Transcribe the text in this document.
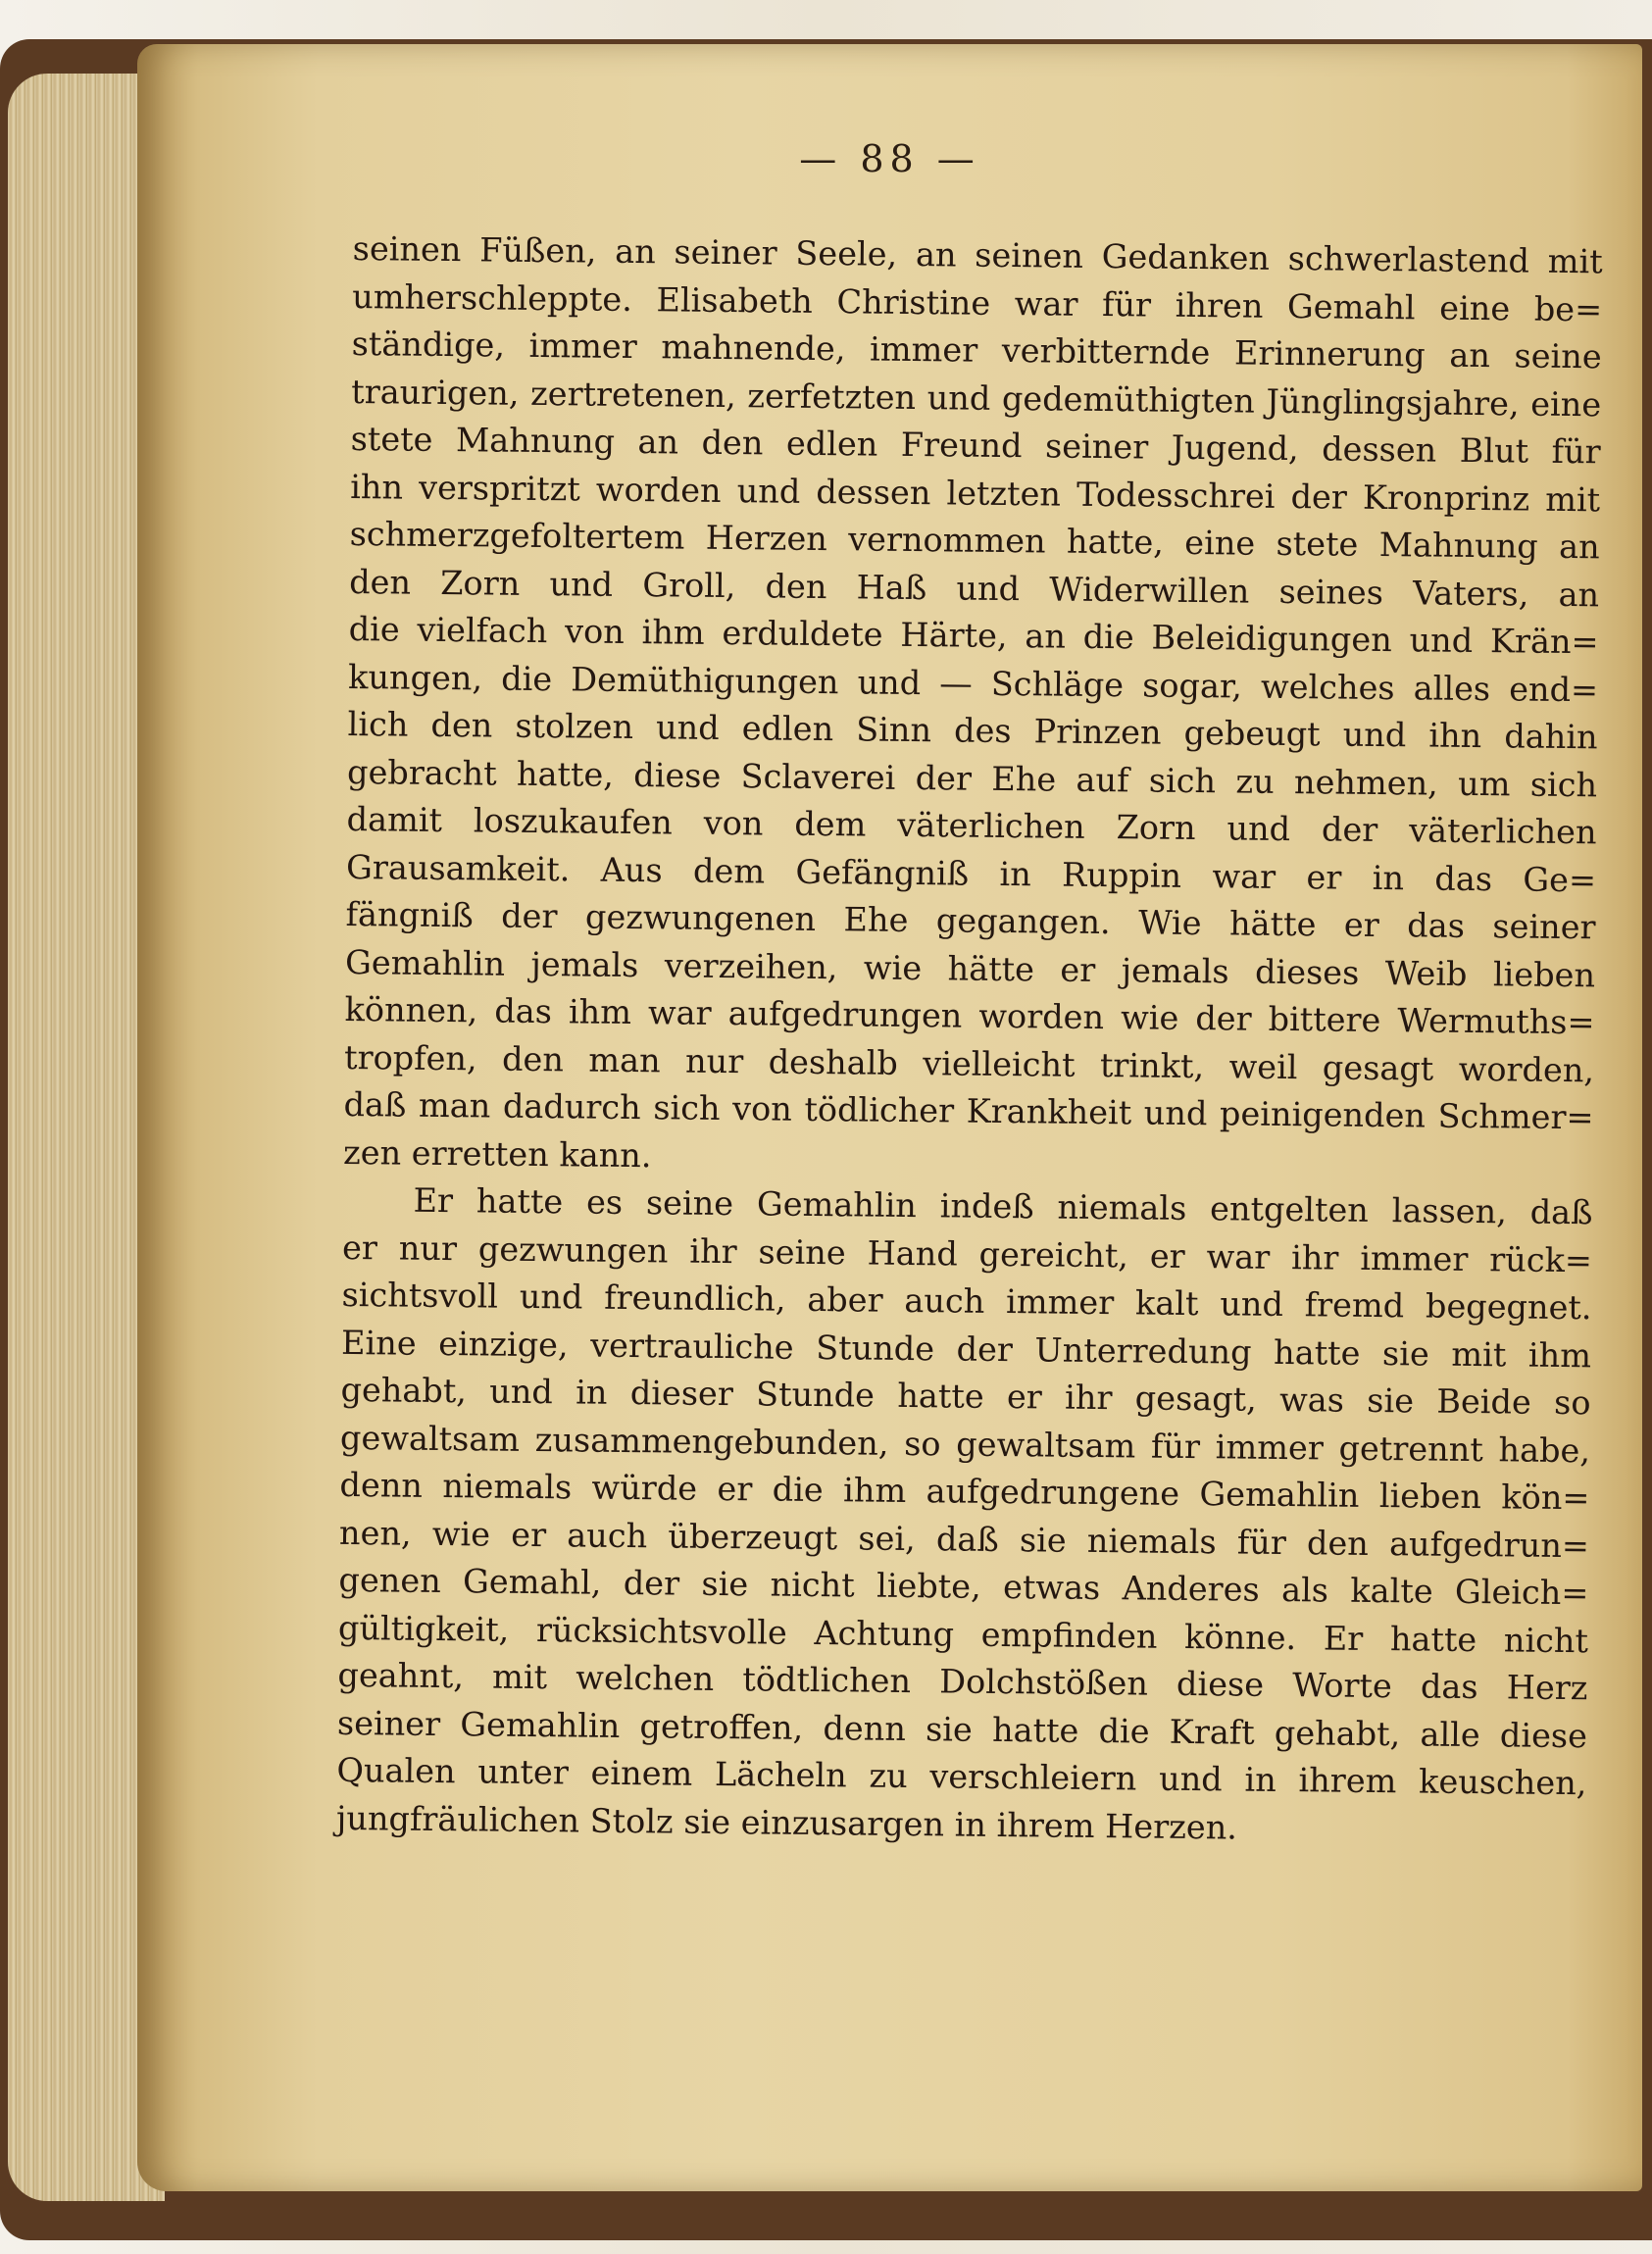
— 88 —
seinen Füßen, an seiner Seele, an seinen Gedanken schwerlastend mit
umherschleppte. Elisabeth Christine war für ihren Gemahl eine be=
ständige, immer mahnende, immer verbitternde Erinnerung an seine
traurigen, zertretenen, zerfetzten und gedemüthigten Jünglingsjahre, eine
stete Mahnung an den edlen Freund seiner Jugend, dessen Blut für
ihn verspritzt worden und dessen letzten Todesschrei der Kronprinz mit
schmerzgefoltertem Herzen vernommen hatte, eine stete Mahnung an
den Zorn und Groll, den Haß und Widerwillen seines Vaters, an
die vielfach von ihm erduldete Härte, an die Beleidigungen und Krän=
kungen, die Demüthigungen und — Schläge sogar, welches alles end=
lich den stolzen und edlen Sinn des Prinzen gebeugt und ihn dahin
gebracht hatte, diese Sclaverei der Ehe auf sich zu nehmen, um sich
damit loszukaufen von dem väterlichen Zorn und der väterlichen
Grausamkeit. Aus dem Gefängniß in Ruppin war er in das Ge=
fängniß der gezwungenen Ehe gegangen. Wie hätte er das seiner
Gemahlin jemals verzeihen, wie hätte er jemals dieses Weib lieben
können, das ihm war aufgedrungen worden wie der bittere Wermuths=
tropfen, den man nur deshalb vielleicht trinkt, weil gesagt worden,
daß man dadurch sich von tödlicher Krankheit und peinigenden Schmer=
zen erretten kann.
Er hatte es seine Gemahlin indeß niemals entgelten lassen, daß
er nur gezwungen ihr seine Hand gereicht, er war ihr immer rück=
sichtsvoll und freundlich, aber auch immer kalt und fremd begegnet.
Eine einzige, vertrauliche Stunde der Unterredung hatte sie mit ihm
gehabt, und in dieser Stunde hatte er ihr gesagt, was sie Beide so
gewaltsam zusammengebunden, so gewaltsam für immer getrennt habe,
denn niemals würde er die ihm aufgedrungene Gemahlin lieben kön=
nen, wie er auch überzeugt sei, daß sie niemals für den aufgedrun=
genen Gemahl, der sie nicht liebte, etwas Anderes als kalte Gleich=
gültigkeit, rücksichtsvolle Achtung empfinden könne. Er hatte nicht
geahnt, mit welchen tödtlichen Dolchstößen diese Worte das Herz
seiner Gemahlin getroffen, denn sie hatte die Kraft gehabt, alle diese
Qualen unter einem Lächeln zu verschleiern und in ihrem keuschen,
jungfräulichen Stolz sie einzusargen in ihrem Herzen.
